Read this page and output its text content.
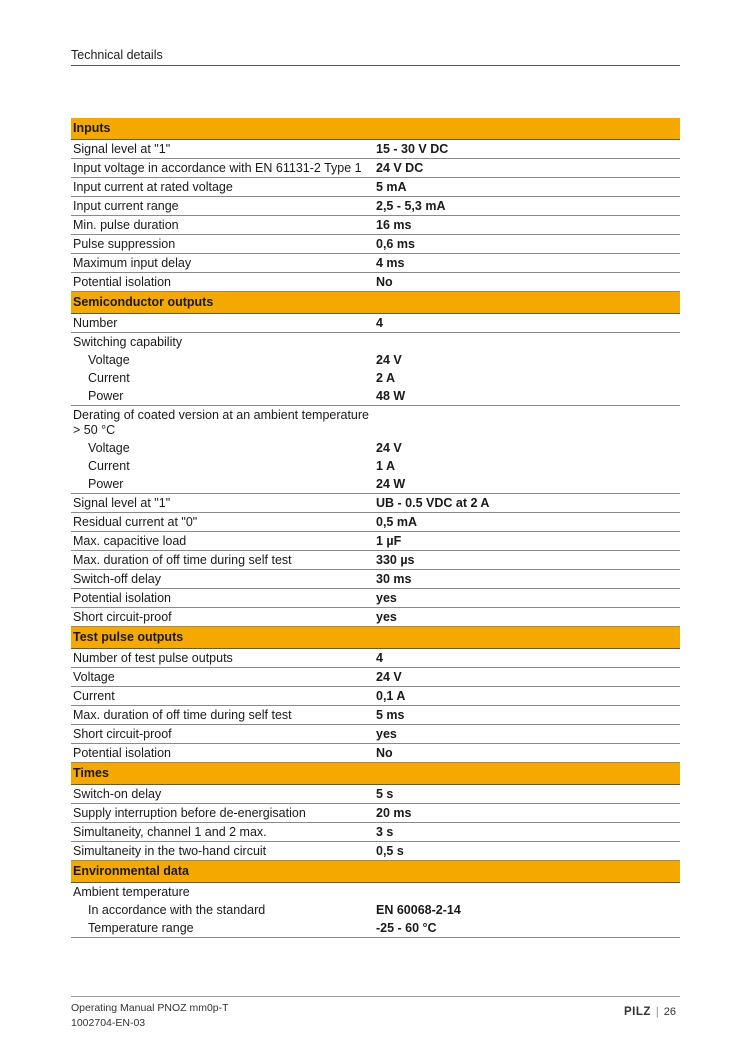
Technical details
Inputs	
Signal level at "1"	15 - 30 V DC
Input voltage in accordance with EN 61131-2 Type 1	24 V DC
Input current at rated voltage	5 mA
Input current range	2,5 - 5,3 mA
Min. pulse duration	16 ms
Pulse suppression	0,6 ms
Maximum input delay	4 ms
Potential isolation	No
Semiconductor outputs	
Number	4
Switching capability	
Voltage	24 V
Current	2 A
Power	48 W
Derating of coated version at an ambient temperature > 50 °C	
Voltage	24 V
Current	1 A
Power	24 W
Signal level at "1"	UB - 0.5 VDC at 2 A
Residual current at "0"	0,5 mA
Max. capacitive load	1 µF
Max. duration of off time during self test	330 µs
Switch-off delay	30 ms
Potential isolation	yes
Short circuit-proof	yes
Test pulse outputs	
Number of test pulse outputs	4
Voltage	24 V
Current	0,1 A
Max. duration of off time during self test	5 ms
Short circuit-proof	yes
Potential isolation	No
Times	
Switch-on delay	5 s
Supply interruption before de-energisation	20 ms
Simultaneity, channel 1 and 2 max.	3 s
Simultaneity in the two-hand circuit	0,5 s
Environmental data	
Ambient temperature	
In accordance with the standard	EN 60068-2-14
Temperature range	-25 - 60 °C
Operating Manual PNOZ mm0p-T
1002704-EN-03
PILZ | 26
